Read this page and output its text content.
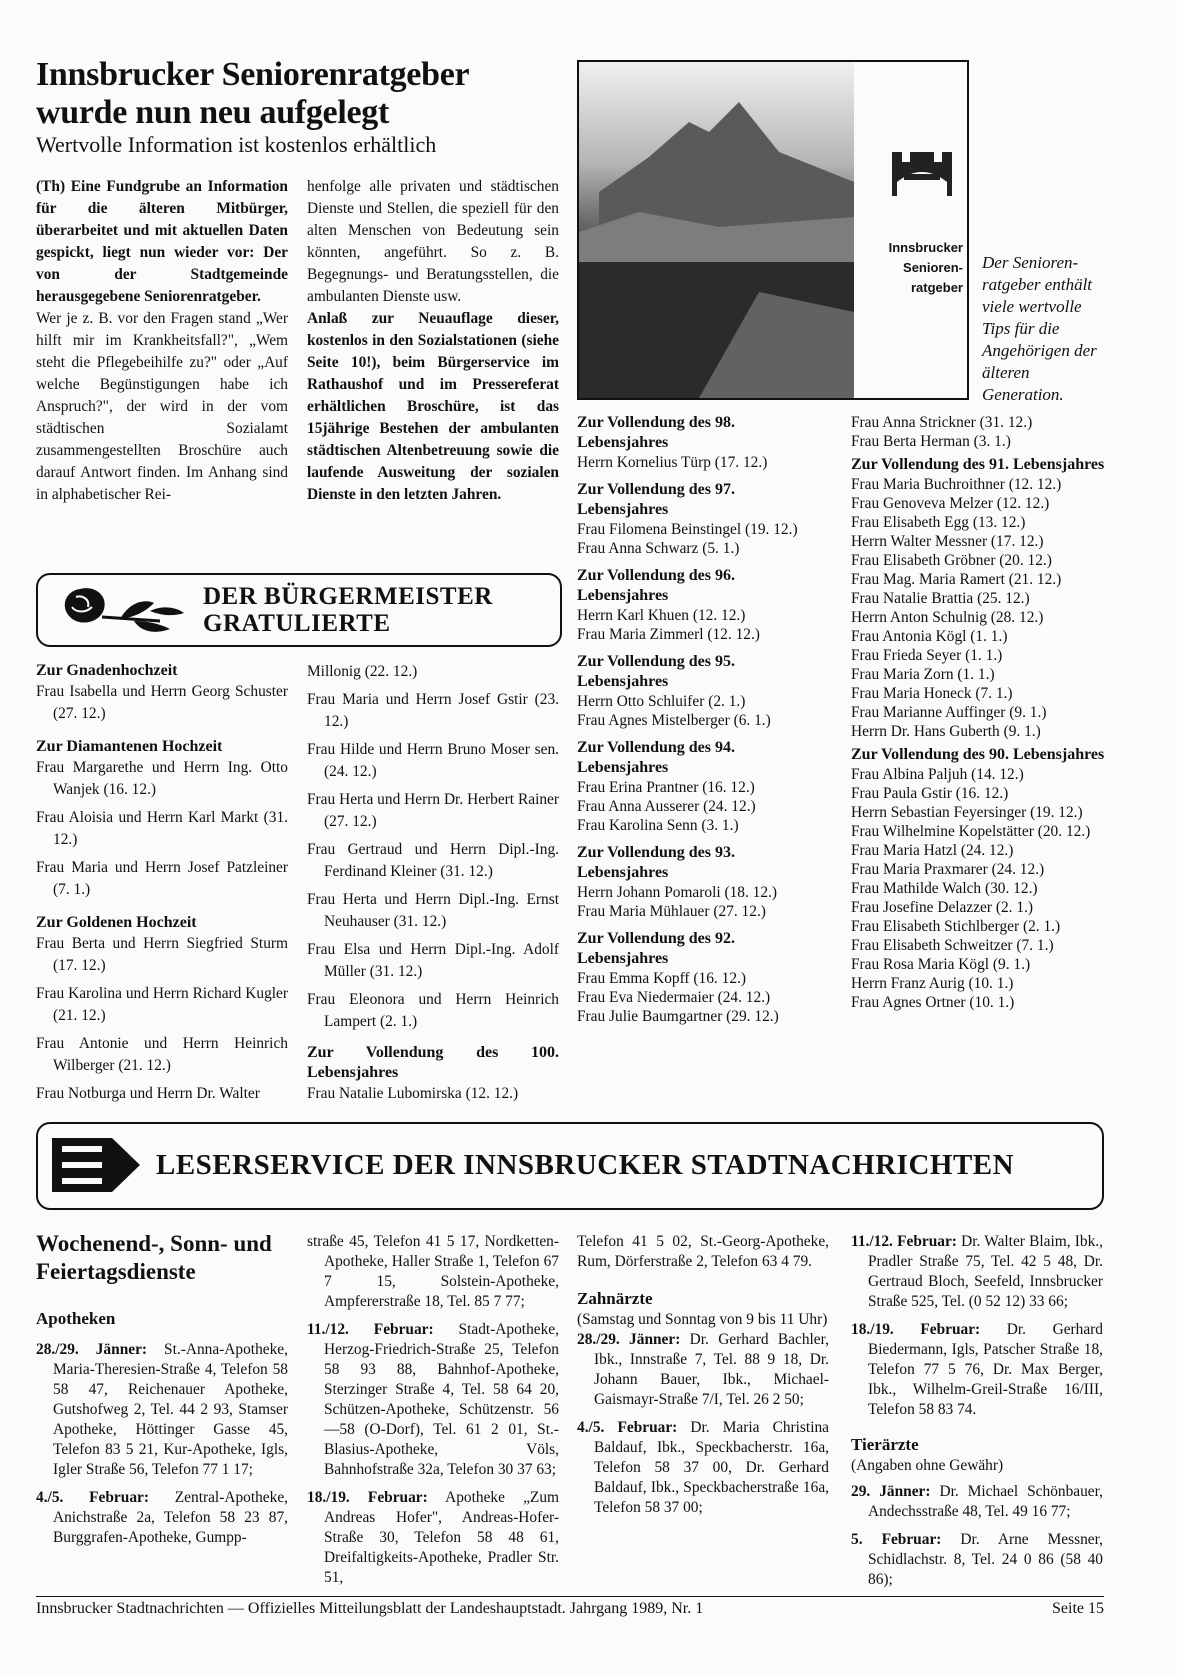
Innsbrucker Seniorenratgeber
wurde nun neu aufgelegt
Wertvolle Information ist kostenlos erhältlich
(Th) Eine Fundgrube an Information für die älteren Mitbürger, überarbeitet und mit aktuellen Daten gespickt, liegt nun wieder vor: Der von der Stadtgemeinde herausgegebene Seniorenratgeber.
Wer je z. B. vor den Fragen stand „Wer hilft mir im Krankheitsfall?", „Wem steht die Pflegebeihilfe zu?" oder „Auf welche Begünstigungen habe ich Anspruch?", der wird in der vom städtischen Sozialamt zusammengestellten Broschüre auch darauf Antwort finden. Im Anhang sind in alphabetischer Rei-
henfolge alle privaten und städtischen Dienste und Stellen, die speziell für den alten Menschen von Bedeutung sein könnten, angeführt. So z. B. Begegnungs- und Beratungsstellen, die ambulanten Dienste usw.
Anlaß zur Neuauflage dieser, kostenlos in den Sozialstationen (siehe Seite 10!), beim Bürgerservice im Rathaushof und im Pressereferat erhältlichen Broschüre, ist das 15jährige Bestehen der ambulanten städtischen Altenbetreuung sowie die laufende Ausweitung der sozialen Dienste in den letzten Jahren.
Innsbrucker Senioren-ratgeber
Der Senioren-ratgeber enthält viele wertvolle Tips für die Angehörigen der älteren Generation.
DER BÜRGERMEISTER
GRATULIERTE
Zur Gnadenhochzeit
Frau Isabella und Herrn Georg Schuster (27. 12.)
Zur Diamantenen Hochzeit
Frau Margarethe und Herrn Ing. Otto Wanjek (16. 12.)
Frau Aloisia und Herrn Karl Markt (31. 12.)
Frau Maria und Herrn Josef Patzleiner (7. 1.)
Zur Goldenen Hochzeit
Frau Berta und Herrn Siegfried Sturm (17. 12.)
Frau Karolina und Herrn Richard Kugler (21. 12.)
Frau Antonie und Herrn Heinrich Wilberger (21. 12.)
Frau Notburga und Herrn Dr. Walter
Millonig (22. 12.)
Frau Maria und Herrn Josef Gstir (23. 12.)
Frau Hilde und Herrn Bruno Moser sen. (24. 12.)
Frau Herta und Herrn Dr. Herbert Rainer (27. 12.)
Frau Gertraud und Herrn Dipl.-Ing. Ferdinand Kleiner (31. 12.)
Frau Herta und Herrn Dipl.-Ing. Ernst Neuhauser (31. 12.)
Frau Elsa und Herrn Dipl.-Ing. Adolf Müller (31. 12.)
Frau Eleonora und Herrn Heinrich Lampert (2. 1.)
Zur Vollendung des 100. Lebensjahres
Frau Natalie Lubomirska (12. 12.)
Zur Vollendung des 98. Lebensjahres
Herrn Kornelius Türp (17. 12.)
Zur Vollendung des 97. Lebensjahres
Frau Filomena Beinstingel (19. 12.)
Frau Anna Schwarz (5. 1.)
Zur Vollendung des 96. Lebensjahres
Herrn Karl Khuen (12. 12.)
Frau Maria Zimmerl (12. 12.)
Zur Vollendung des 95. Lebensjahres
Herrn Otto Schluifer (2. 1.)
Frau Agnes Mistelberger (6. 1.)
Zur Vollendung des 94. Lebensjahres
Frau Erina Prantner (16. 12.)
Frau Anna Ausserer (24. 12.)
Frau Karolina Senn (3. 1.)
Zur Vollendung des 93. Lebensjahres
Herrn Johann Pomaroli (18. 12.)
Frau Maria Mühlauer (27. 12.)
Zur Vollendung des 92. Lebensjahres
Frau Emma Kopff (16. 12.)
Frau Eva Niedermaier (24. 12.)
Frau Julie Baumgartner (29. 12.)
Frau Anna Strickner (31. 12.)
Frau Berta Herman (3. 1.)
Zur Vollendung des 91. Lebensjahres
Frau Maria Buchroithner (12. 12.)
Frau Genoveva Melzer (12. 12.)
Frau Elisabeth Egg (13. 12.)
Herrn Walter Messner (17. 12.)
Frau Elisabeth Gröbner (20. 12.)
Frau Mag. Maria Ramert (21. 12.)
Frau Natalie Brattia (25. 12.)
Herrn Anton Schulnig (28. 12.)
Frau Antonia Kögl (1. 1.)
Frau Frieda Seyer (1. 1.)
Frau Maria Zorn (1. 1.)
Frau Maria Honeck (7. 1.)
Frau Marianne Auffinger (9. 1.)
Herrn Dr. Hans Guberth (9. 1.)
Zur Vollendung des 90. Lebensjahres
Frau Albina Paljuh (14. 12.)
Frau Paula Gstir (16. 12.)
Herrn Sebastian Feyersinger (19. 12.)
Frau Wilhelmine Kopelstätter (20. 12.)
Frau Maria Hatzl (24. 12.)
Frau Maria Praxmarer (24. 12.)
Frau Mathilde Walch (30. 12.)
Frau Josefine Delazzer (2. 1.)
Frau Elisabeth Stichlberger (2. 1.)
Frau Elisabeth Schweitzer (7. 1.)
Frau Rosa Maria Kögl (9. 1.)
Herrn Franz Aurig (10. 1.)
Frau Agnes Ortner (10. 1.)
LESERSERVICE DER INNSBRUCKER STADTNACHRICHTEN
Wochenend-, Sonn- und Feiertagsdienste
Apotheken

28./29. Jänner: St.-Anna-Apotheke, Maria-Theresien-Straße 4, Telefon 58 58 47, Reichenauer Apotheke, Gutshofweg 2, Tel. 44 2 93, Stamser Apotheke, Höttinger Gasse 45, Telefon 83 5 21, Kur-Apotheke, Igls, Igler Straße 56, Telefon 77 1 17;

4./5. Februar: Zentral-Apotheke, Anichstraße 2a, Telefon 58 23 87, Burggrafen-Apotheke, Gumpp-

straße 45, Telefon 41 5 17, Nordketten-Apotheke, Haller Straße 1, Telefon 67 7 15, Solstein-Apotheke, Ampfererstraße 18, Tel. 85 7 77;

11./12. Februar: Stadt-Apotheke, Herzog-Friedrich-Straße 25, Telefon 58 93 88, Bahnhof-Apotheke, Sterzinger Straße 4, Tel. 58 64 20, Schützen-Apotheke, Schützenstr. 56—58 (O-Dorf), Tel. 61 2 01, St.-Blasius-Apotheke, Völs, Bahnhofstraße 32a, Telefon 30 37 63;

18./19. Februar: Apotheke „Zum Andreas Hofer", Andreas-Hofer-Straße 30, Telefon 58 48 61, Dreifaltigkeits-Apotheke, Pradler Str. 51,

Telefon 41 5 02, St.-Georg-Apotheke, Rum, Dörferstraße 2, Telefon 63 4 79.
Zahnärzte
(Samstag und Sonntag von 9 bis 11 Uhr)

28./29. Jänner: Dr. Gerhard Bachler, Ibk., Innstraße 7, Tel. 88 9 18, Dr. Johann Bauer, Ibk., Michael-Gaismayr-Straße 7/I, Tel. 26 2 50;

4./5. Februar: Dr. Maria Christina Baldauf, Ibk., Speckbacherstr. 16a, Telefon 58 37 00, Dr. Gerhard Baldauf, Ibk., Speckbacherstraße 16a, Telefon 58 37 00;

11./12. Februar: Dr. Walter Blaim, Ibk., Pradler Straße 75, Tel. 42 5 48, Dr. Gertraud Bloch, Seefeld, Innsbrucker Straße 525, Tel. (0 52 12) 33 66;

18./19. Februar: Dr. Gerhard Biedermann, Igls, Patscher Straße 18, Telefon 77 5 76, Dr. Max Berger, Ibk., Wilhelm-Greil-Straße 16/III, Telefon 58 83 74.

Tierärzte
(Angaben ohne Gewähr)

29. Jänner: Dr. Michael Schönbauer, Andechsstraße 48, Tel. 49 16 77;

5. Februar: Dr. Arne Messner, Schidlachstr. 8, Tel. 24 0 86 (58 40 86);

Innsbrucker Stadtnachrichten — Offizielles Mitteilungsblatt der Landeshauptstadt. Jahrgang 1989, Nr. 1	Seite 15
